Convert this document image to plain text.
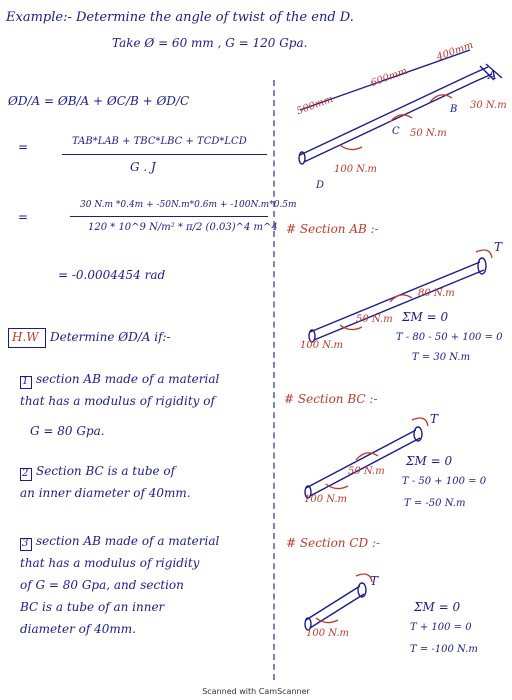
Example:- Determine the angle of twist of the end D.
Take Ø = 60 mm , G = 120 Gpa.
ØD/A = ØB/A + ØC/B + ØD/C
=	TAB*LAB + TBC*LBC + TCD*LCD
G . J
=
30 N.m *0.4m + -50N.m*0.6m + -100N.m*0.5m
120 * 10^9 N/m² * π/2 (0.03)^4 m^4
= -0.0004454 rad
H.W Determine ØD/A if:-
1 section AB made of a material
that has a modulus of rigidity of
G = 80 Gpa.
2 Section BC is a tube of
an inner diameter of 40mm.
3 section AB made of a material
that has a modulus of rigidity
of G = 80 Gpa, and section
BC is a tube of an inner
diameter of 40mm.
400mm
600mm
500mm
A
B
C
D
30 N.m
50 N.m
100 N.m
# Section AB :-
T
80 N.m
50 N.m
100 N.m
ΣM = 0
T - 80 - 50 + 100 = 0
T = 30 N.m
# Section BC :-
T
50 N.m
100 N.m
ΣM = 0
T - 50 + 100 = 0
T = -50 N.m
# Section CD :-
T
100 N.m
ΣM = 0
T + 100 = 0
T = -100 N.m
Scanned with CamScanner
